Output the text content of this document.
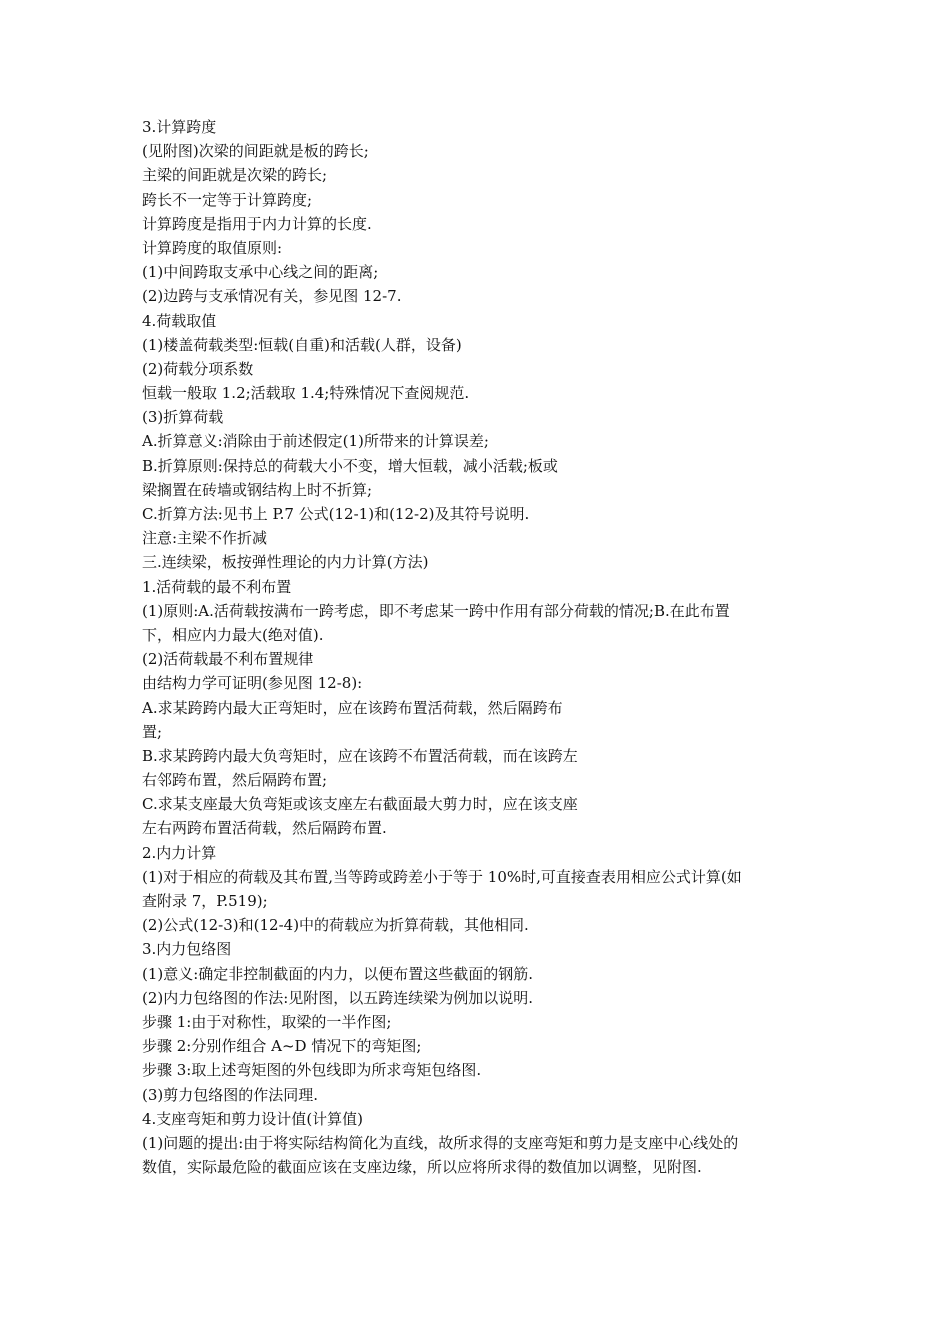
3.计算跨度
(见附图)次梁的间距就是板的跨长;
主梁的间距就是次梁的跨长;
跨长不一定等于计算跨度;
计算跨度是指用于内力计算的长度.
计算跨度的取值原则:
(1)中间跨取支承中心线之间的距离;
(2)边跨与支承情况有关，参见图 12-7.
4.荷载取值
(1)楼盖荷载类型:恒载(自重)和活载(人群，设备)
(2)荷载分项系数
恒载一般取 1.2;活载取 1.4;特殊情况下查阅规范.
(3)折算荷载
A.折算意义:消除由于前述假定(1)所带来的计算误差;
B.折算原则:保持总的荷载大小不变，增大恒载，减小活载;板或
梁搁置在砖墙或钢结构上时不折算;
C.折算方法:见书上 P.7 公式(12-1)和(12-2)及其符号说明.
注意:主梁不作折减
三.连续梁，板按弹性理论的内力计算(方法)
1.活荷载的最不利布置
(1)原则:A.活荷载按满布一跨考虑，即不考虑某一跨中作用有部分荷载的情况;B.在此布置
下，相应内力最大(绝对值).
(2)活荷载最不利布置规律
由结构力学可证明(参见图 12-8):
A.求某跨跨内最大正弯矩时，应在该跨布置活荷载，然后隔跨布
置;
B.求某跨跨内最大负弯矩时，应在该跨不布置活荷载，而在该跨左
右邻跨布置，然后隔跨布置;
C.求某支座最大负弯矩或该支座左右截面最大剪力时，应在该支座
左右两跨布置活荷载，然后隔跨布置.
2.内力计算
(1)对于相应的荷载及其布置,当等跨或跨差小于等于 10%时,可直接查表用相应公式计算(如
查附录 7，P.519);
(2)公式(12-3)和(12-4)中的荷载应为折算荷载，其他相同.
3.内力包络图
(1)意义:确定非控制截面的内力，以便布置这些截面的钢筋.
(2)内力包络图的作法:见附图，以五跨连续梁为例加以说明.
步骤 1:由于对称性，取梁的一半作图;
步骤 2:分别作组合 A~D 情况下的弯矩图;
步骤 3:取上述弯矩图的外包线即为所求弯矩包络图.
(3)剪力包络图的作法同理.
4.支座弯矩和剪力设计值(计算值)
(1)问题的提出:由于将实际结构简化为直线，故所求得的支座弯矩和剪力是支座中心线处的
数值，实际最危险的截面应该在支座边缘，所以应将所求得的数值加以调整，见附图.
